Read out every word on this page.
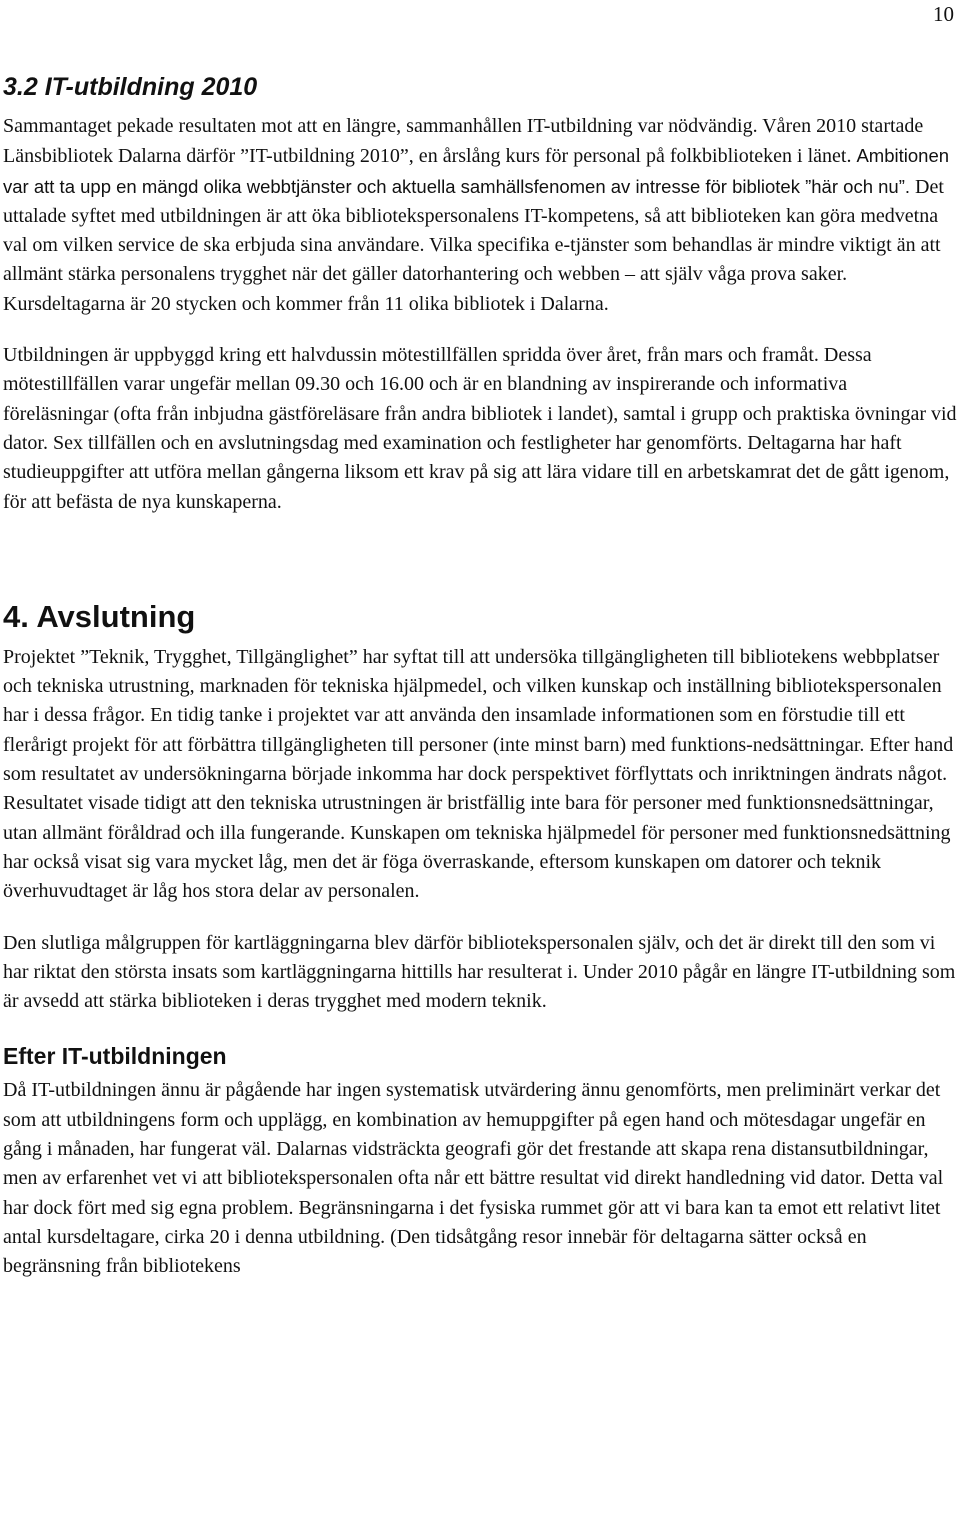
10
3.2 IT-utbildning 2010

Sammantaget pekade resultaten mot att en längre, sammanhållen IT-utbildning var nödvändig. Våren 2010 startade Länsbibliotek Dalarna därför ”IT-utbildning 2010”, en årslång kurs för personal på folkbiblioteken i länet. Ambitionen var att ta upp en mängd olika webbtjänster och aktuella samhällsfenomen av intresse för bibliotek ”här och nu”. Det uttalade syftet med utbildningen är att öka bibliotekspersonalens IT-kompetens, så att biblioteken kan göra medvetna val om vilken service de ska erbjuda sina användare. Vilka specifika e-tjänster som behandlas är mindre viktigt än att allmänt stärka personalens trygghet när det gäller datorhantering och webben – att själv våga prova saker. Kursdeltagarna är 20 stycken och kommer från 11 olika bibliotek i Dalarna.

Utbildningen är uppbyggd kring ett halvdussin mötestillfällen spridda över året, från mars och framåt. Dessa mötestillfällen varar ungefär mellan 09.30 och 16.00 och är en blandning av inspirerande och informativa föreläsningar (ofta från inbjudna gästföreläsare från andra bibliotek i landet), samtal i grupp och praktiska övningar vid dator. Sex tillfällen och en avslutningsdag med examination och festligheter har genomförts. Deltagarna har haft studieuppgifter att utföra mellan gångerna liksom ett krav på sig att lära vidare till en arbetskamrat det de gått igenom, för att befästa de nya kunskaperna.

4. Avslutning

Projektet ”Teknik, Trygghet, Tillgänglighet” har syftat till att undersöka tillgängligheten till bibliotekens webbplatser och tekniska utrustning, marknaden för tekniska hjälpmedel, och vilken kunskap och inställning bibliotekspersonalen har i dessa frågor. En tidig tanke i projektet var att använda den insamlade informationen som en förstudie till ett flerårigt projekt för att förbättra tillgängligheten till personer (inte minst barn) med funktions-nedsättningar. Efter hand som resultatet av undersökningarna började inkomma har dock perspektivet förflyttats och inriktningen ändrats något. Resultatet visade tidigt att den tekniska utrustningen är bristfällig inte bara för personer med funktionsnedsättningar, utan allmänt föråldrad och illa fungerande. Kunskapen om tekniska hjälpmedel för personer med funktionsnedsättning har också visat sig vara mycket låg, men det är föga överraskande, eftersom kunskapen om datorer och teknik överhuvudtaget är låg hos stora delar av personalen.

Den slutliga målgruppen för kartläggningarna blev därför bibliotekspersonalen själv, och det är direkt till den som vi har riktat den största insats som kartläggningarna hittills har resulterat i. Under 2010 pågår en längre IT-utbildning som är avsedd att stärka biblioteken i deras trygghet med modern teknik.

Efter IT-utbildningen

Då IT-utbildningen ännu är pågående har ingen systematisk utvärdering ännu genomförts, men preliminärt verkar det som att utbildningens form och upplägg, en kombination av hemuppgifter på egen hand och mötesdagar ungefär en gång i månaden, har fungerat väl. Dalarnas vidsträckta geografi gör det frestande att skapa rena distansutbildningar, men av erfarenhet vet vi att bibliotekspersonalen ofta når ett bättre resultat vid direkt handledning vid dator. Detta val har dock fört med sig egna problem. Begränsningarna i det fysiska rummet gör att vi bara kan ta emot ett relativt litet antal kursdeltagare, cirka 20 i denna utbildning. (Den tidsåtgång resor innebär för deltagarna sätter också en begränsning från bibliotekens
